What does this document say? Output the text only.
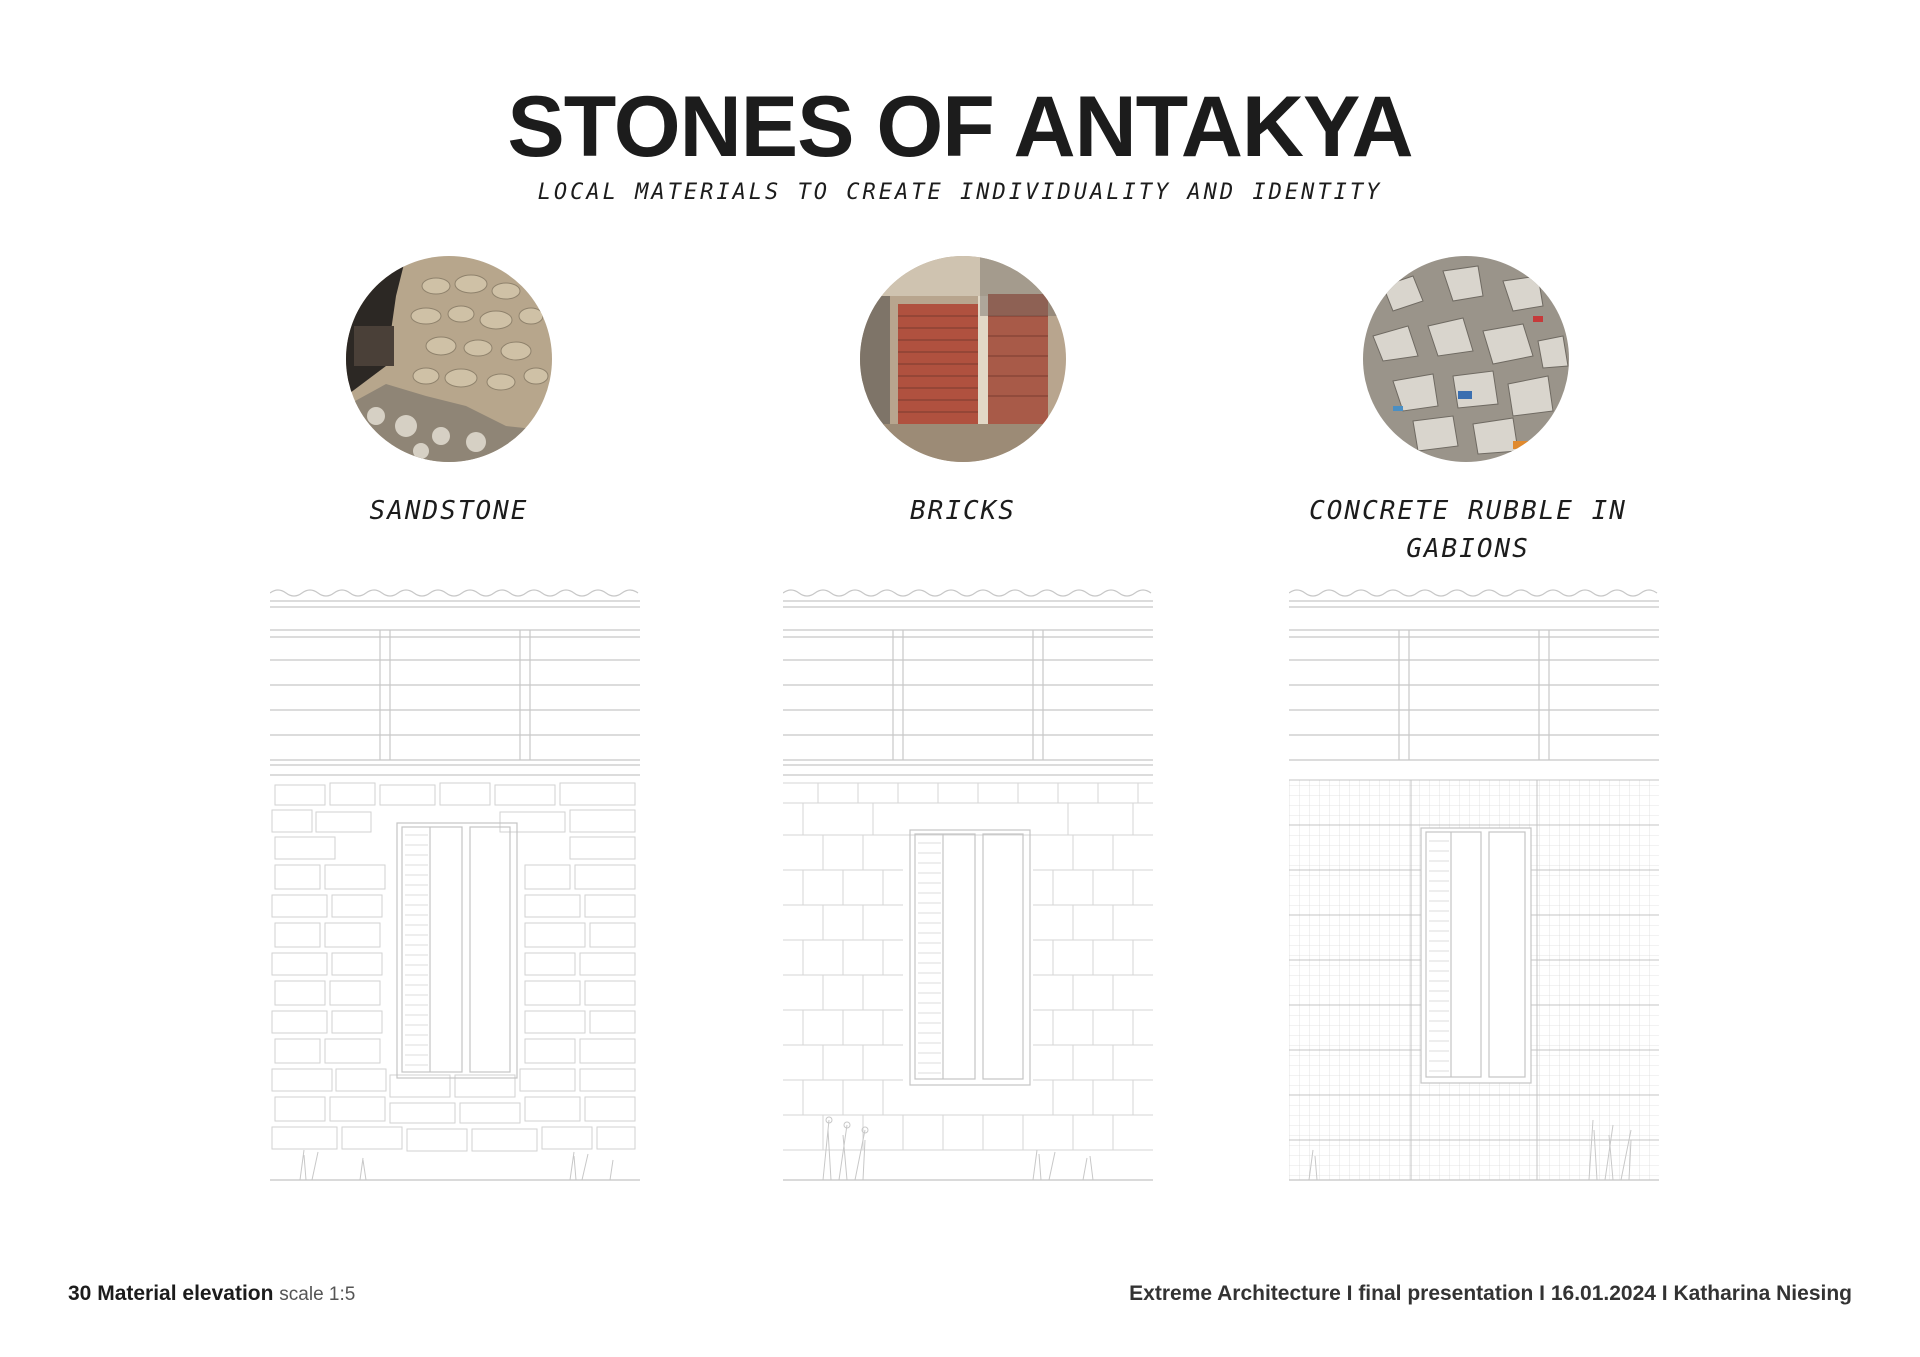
STONES OF ANTAKYA
LOCAL MATERIALS TO CREATE INDIVIDUALITY AND IDENTITY
SANDSTONE	BRICKS	CONCRETE RUBBLE IN GABIONS
30 Material elevation scale 1:5	Extreme Architecture I final presentation I 16.01.2024 I Katharina Niesing
